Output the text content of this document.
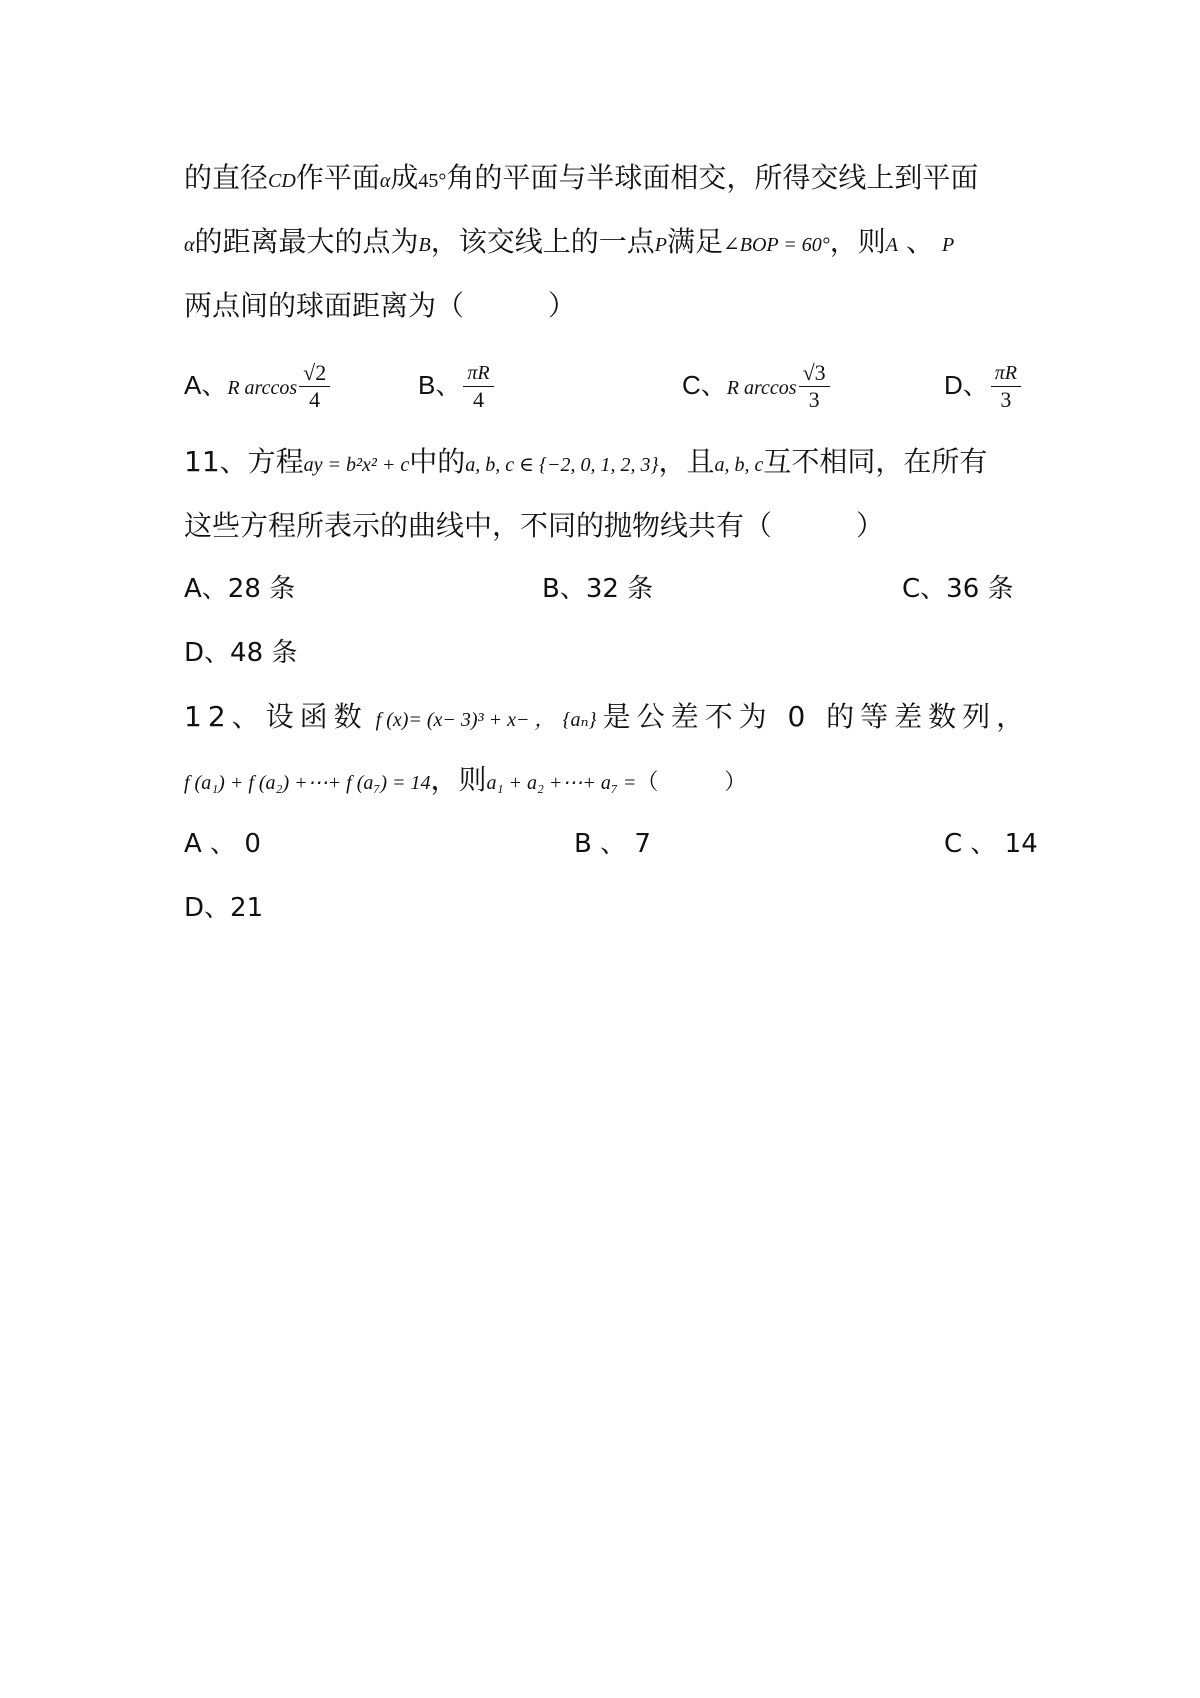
的直径CD作平面α成45°角的平面与半球面相交，所得交线上到平面
α的距离最大的点为B，该交线上的一点P满足∠BOP = 60°，则A 、 P
两点间的球面距离为（　　　）
A、R $\arccos \frac{√2}{4}$	B、 $\frac{\pi R}{4}$	C、R $\arccos \frac{√3}{3}$	D、 $\frac{\pi R}{3}$
11、方程ay = b²x² + c中的a, b, c ∈ {−2, 0, 1, 2, 3}，且a, b, c互不相同，在所有
这些方程所表示的曲线中，不同的抛物线共有（　　　）
A、28 条	B、32 条	C、36 条
D、48 条
12、设函数 f (x)= (x− 3)³ + x− ， {aₙ} 是公差不为 0 的等差数列，
f (a₁) + f (a₂) +⋯+ f (a₇) = 14，则a₁ + a₂ +⋯+ a₇ =（　　　）
A 、 0	B 、 7	C 、 14
D、21
